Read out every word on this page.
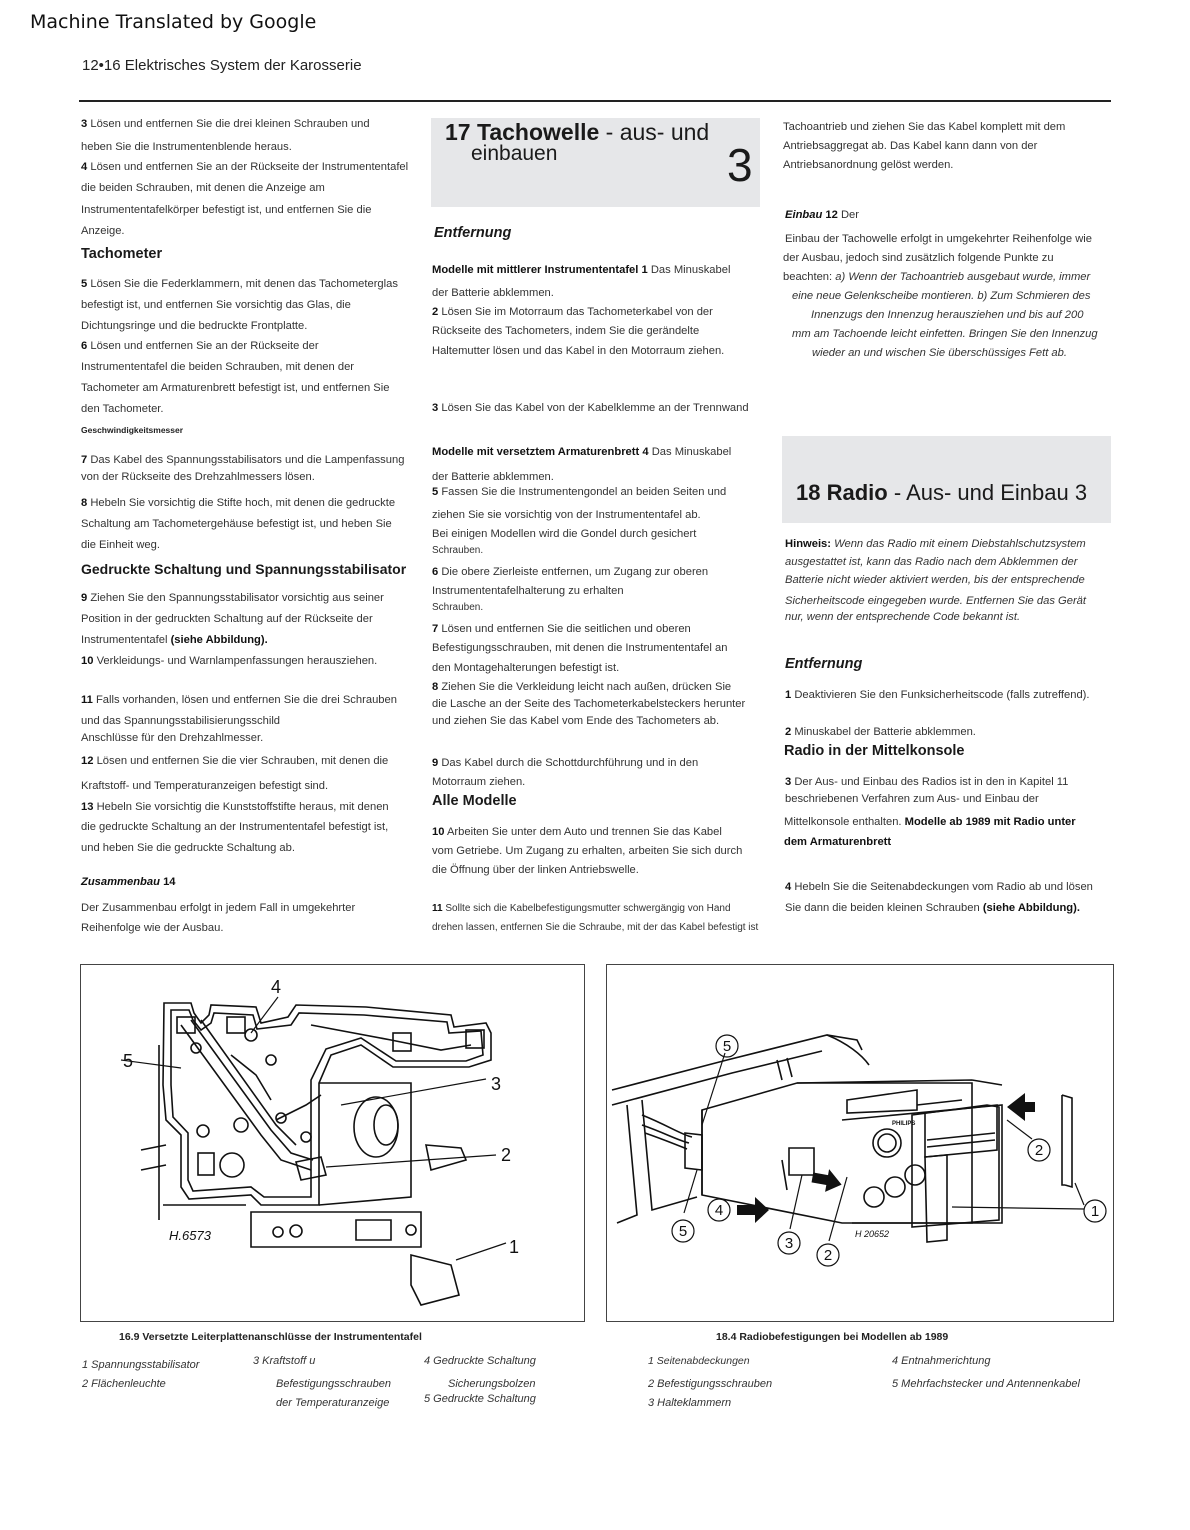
Machine Translated by Google
12•16 Elektrisches System der Karosserie
3 Lösen und entfernen Sie die drei kleinen Schrauben und
heben Sie die Instrumentenblende heraus.
4 Lösen und entfernen Sie an der Rückseite der Instrumententafel
die beiden Schrauben, mit denen die Anzeige am
Instrumententafelkörper befestigt ist, und entfernen Sie die
Anzeige.
Tachometer
5 Lösen Sie die Federklammern, mit denen das Tachometerglas
befestigt ist, und entfernen Sie vorsichtig das Glas, die
Dichtungsringe und die bedruckte Frontplatte.
6 Lösen und entfernen Sie an der Rückseite der
Instrumententafel die beiden Schrauben, mit denen der
Tachometer am Armaturenbrett befestigt ist, und entfernen Sie
den Tachometer.
Geschwindigkeitsmesser
7 Das Kabel des Spannungsstabilisators und die Lampenfassung
von der Rückseite des Drehzahlmessers lösen.
8 Hebeln Sie vorsichtig die Stifte hoch, mit denen die gedruckte
Schaltung am Tachometergehäuse befestigt ist, und heben Sie
die Einheit weg.
Gedruckte Schaltung und Spannungsstabilisator
9 Ziehen Sie den Spannungsstabilisator vorsichtig aus seiner
Position in der gedruckten Schaltung auf der Rückseite der
Instrumententafel (siehe Abbildung).
10 Verkleidungs- und Warnlampenfassungen herausziehen.
11 Falls vorhanden, lösen und entfernen Sie die drei Schrauben
und das Spannungsstabilisierungsschild
Anschlüsse für den Drehzahlmesser.
12 Lösen und entfernen Sie die vier Schrauben, mit denen die
Kraftstoff- und Temperaturanzeigen befestigt sind.
13 Hebeln Sie vorsichtig die Kunststoffstifte heraus, mit denen
die gedruckte Schaltung an der Instrumententafel befestigt ist,
und heben Sie die gedruckte Schaltung ab.
Zusammenbau 14
Der Zusammenbau erfolgt in jedem Fall in umgekehrter
Reihenfolge wie der Ausbau.
17 Tachowelle - aus- und
einbauen	3
Entfernung
Modelle mit mittlerer Instrumententafel 1 Das Minuskabel
der Batterie abklemmen.
2 Lösen Sie im Motorraum das Tachometerkabel von der
Rückseite des Tachometers, indem Sie die gerändelte
Haltemutter lösen und das Kabel in den Motorraum ziehen.
3 Lösen Sie das Kabel von der Kabelklemme an der Trennwand
Modelle mit versetztem Armaturenbrett 4 Das Minuskabel
der Batterie abklemmen.
5 Fassen Sie die Instrumentengondel an beiden Seiten und
ziehen Sie sie vorsichtig von der Instrumententafel ab.
Bei einigen Modellen wird die Gondel durch gesichert
Schrauben.
6 Die obere Zierleiste entfernen, um Zugang zur oberen
Instrumententafelhalterung zu erhalten
Schrauben.
7 Lösen und entfernen Sie die seitlichen und oberen
Befestigungsschrauben, mit denen die Instrumententafel an
den Montagehalterungen befestigt ist.
8 Ziehen Sie die Verkleidung leicht nach außen, drücken Sie
die Lasche an der Seite des Tachometerkabelsteckers herunter
und ziehen Sie das Kabel vom Ende des Tachometers ab.
9 Das Kabel durch die Schottdurchführung und in den
Motorraum ziehen.
Alle Modelle
10 Arbeiten Sie unter dem Auto und trennen Sie das Kabel
vom Getriebe. Um Zugang zu erhalten, arbeiten Sie sich durch
die Öffnung über der linken Antriebswelle.
11 Sollte sich die Kabelbefestigungsmutter schwergängig von Hand
drehen lassen, entfernen Sie die Schraube, mit der das Kabel befestigt ist
Tachoantrieb und ziehen Sie das Kabel komplett mit dem
Antriebsaggregat ab. Das Kabel kann dann von der
Antriebsanordnung gelöst werden.
Einbau 12 Der
Einbau der Tachowelle erfolgt in umgekehrter Reihenfolge wie
der Ausbau, jedoch sind zusätzlich folgende Punkte zu
beachten: a) Wenn der Tachoantrieb ausgebaut wurde, immer
eine neue Gelenkscheibe montieren. b) Zum Schmieren des
Innenzugs den Innenzug herausziehen und bis auf 200
mm am Tachoende leicht einfetten. Bringen Sie den Innenzug
wieder an und wischen Sie überschüssiges Fett ab.
18 Radio - Aus- und Einbau 3
Hinweis: Wenn das Radio mit einem Diebstahlschutzsystem
ausgestattet ist, kann das Radio nach dem Abklemmen der
Batterie nicht wieder aktiviert werden, bis der entsprechende
Sicherheitscode eingegeben wurde. Entfernen Sie das Gerät
nur, wenn der entsprechende Code bekannt ist.
Entfernung
1 Deaktivieren Sie den Funksicherheitscode (falls zutreffend).
2 Minuskabel der Batterie abklemmen.
Radio in der Mittelkonsole
3 Der Aus- und Einbau des Radios ist in den in Kapitel 11
beschriebenen Verfahren zum Aus- und Einbau der
Mittelkonsole enthalten. Modelle ab 1989 mit Radio unter
dem Armaturenbrett
4 Hebeln Sie die Seitenabdeckungen vom Radio ab und lösen
Sie dann die beiden kleinen Schrauben (siehe Abbildung).
5
4
3
2
1
H.6573
PHILIPS
5
5
4
3
2
2
1
H 20652
16.9 Versetzte Leiterplattenanschlüsse der Instrumententafel
1 Spannungsstabilisator
2 Flächenleuchte
3 Kraftstoff u
Befestigungsschrauben
der Temperaturanzeige
4 Gedruckte Schaltung
Sicherungsbolzen
5 Gedruckte Schaltung
18.4 Radiobefestigungen bei Modellen ab 1989
1 Seitenabdeckungen
2 Befestigungsschrauben
3 Halteklammern
4 Entnahmerichtung
5 Mehrfachstecker und Antennenkabel
